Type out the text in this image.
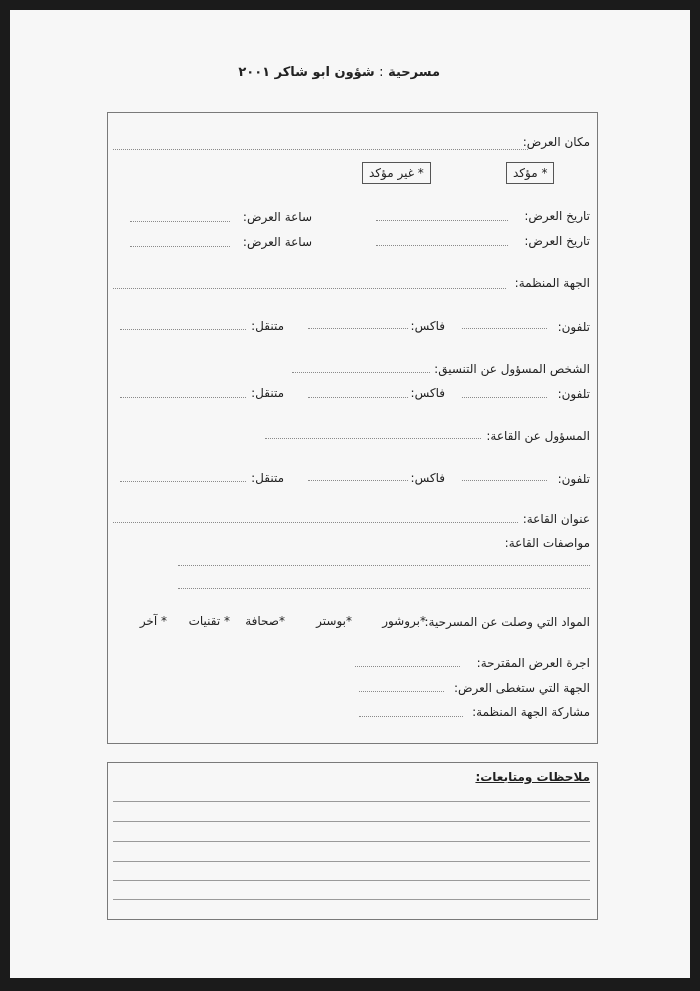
مسرحية : شؤون ابو شاكر ٢٠٠١
مكان العرض:
* مؤكد
* غير مؤكد
تاريخ العرض:
ساعة العرض:
تاريخ العرض:
ساعة العرض:
الجهة المنظمة:
تلفون:
فاكس:
متنقل:
الشخص المسؤول عن التنسيق:
تلفون:
فاكس:
متنقل:
المسؤول عن القاعة:
تلفون:
فاكس:
متنقل:
عنوان القاعة:
مواصفات القاعة:
المواد التي وصلت عن المسرحية:
*بروشور
*بوستر
*صحافة
* تقنيات
* آخر
اجرة العرض المقترحة:
الجهة التي ستغطى العرض:
مشاركة الجهة المنظمة:
ملاحظات ومتابعات:
